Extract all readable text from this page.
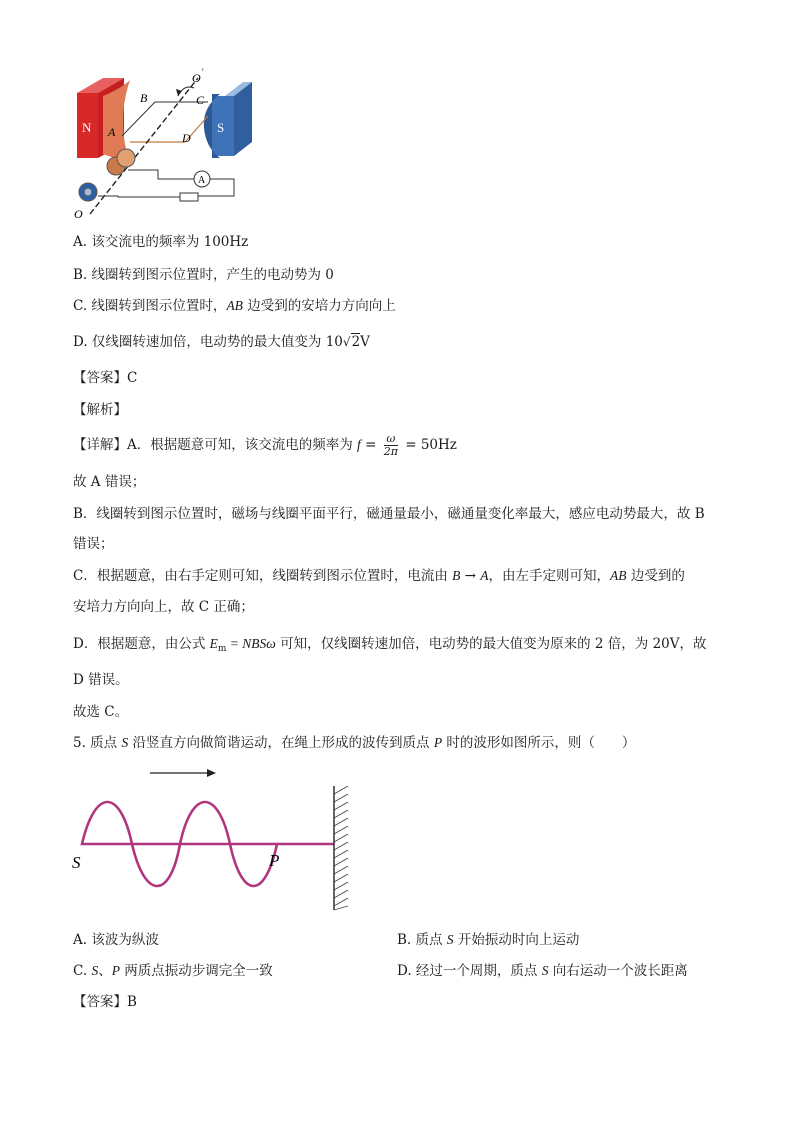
N	S
A
B	C
D
O '
O
A
A. 该交流电的频率为 100Hz
B. 线圈转到图示位置时，产生的电动势为 0
C. 线圈转到图示位置时，AB 边受到的安培力方向向上
D. 仅线圈转速加倍，电动势的最大值变为 10√2V
【答案】C
【解析】
【详解】A．根据题意可知，该交流电的频率为 $f = \frac{\omega}{2\pi} = 50Hz$
故 A 错误；
B．线圈转到图示位置时，磁场与线圈平面平行，磁通量最小，磁通量变化率最大，感应电动势最大，故 B
错误；
C．根据题意，由右手定则可知，线圈转到图示位置时，电流由 B → A，由左手定则可知，AB 边受到的
安培力方向向上，故 C 正确；
D．根据题意，由公式 $E_m = NBS\omega$ 可知，仅线圈转速加倍，电动势的最大值变为原来的 2 倍，为 20V，故
D 错误。
故选 C。
5. 质点 S 沿竖直方向做简谐运动，在绳上形成的波传到质点 P 时的波形如图所示，则（　　）
S	P
A. 该波为纵波	B. 质点 S 开始振动时向上运动
C. S、P 两质点振动步调完全一致	D. 经过一个周期，质点 S 向右运动一个波长距离
【答案】B
